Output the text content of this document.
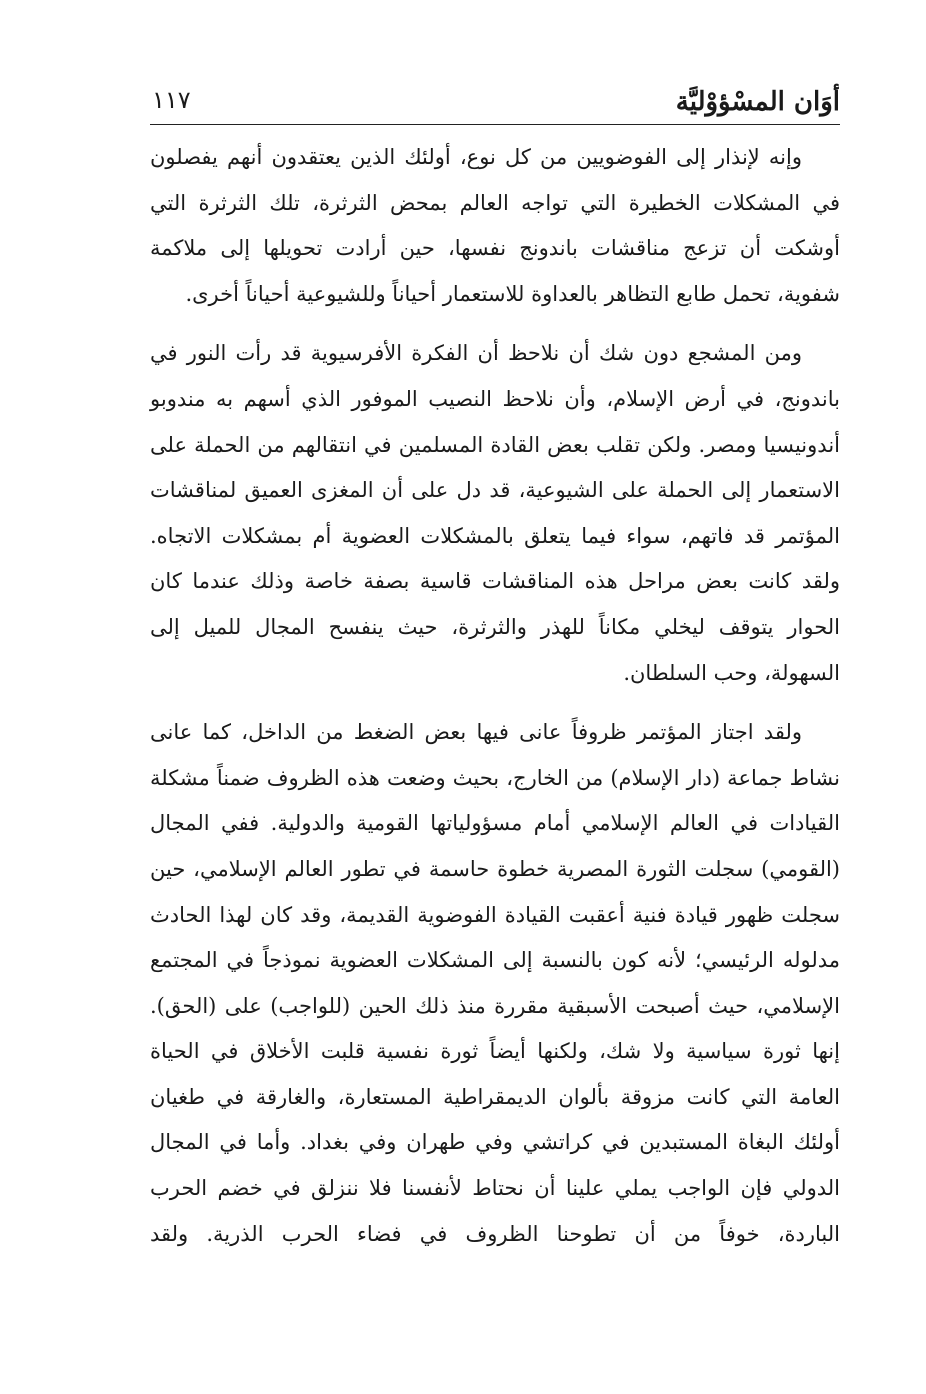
أوَان المسْؤوْليَّة
١١٧

وإنه لإنذار إلى الفوضويين من كل نوع، أولئك الذين يعتقدون أنهم يفصلون في المشكلات الخطيرة التي تواجه العالم بمحض الثرثرة، تلك الثرثرة التي أوشكت أن تزعج مناقشات باندونج نفسها، حين أرادت تحويلها إلى ملاكمة شفوية، تحمل طابع التظاهر بالعداوة للاستعمار أحياناً وللشيوعية أحياناً أخرى.

ومن المشجع دون شك أن نلاحظ أن الفكرة الأفرسيوية قد رأت النور في باندونج، في أرض الإسلام، وأن نلاحظ النصيب الموفور الذي أسهم به مندوبو أندونيسيا ومصر. ولكن تقلب بعض القادة المسلمين في انتقالهم من الحملة على الاستعمار إلى الحملة على الشيوعية، قد دل على أن المغزى العميق لمناقشات المؤتمر قد فاتهم، سواء فيما يتعلق بالمشكلات العضوية أم بمشكلات الاتجاه. ولقد كانت بعض مراحل هذه المناقشات قاسية بصفة خاصة وذلك عندما كان الحوار يتوقف ليخلي مكاناً للهذر والثرثرة، حيث ينفسح المجال للميل إلى السهولة، وحب السلطان.

ولقد اجتاز المؤتمر ظروفاً عانى فيها بعض الضغط من الداخل، كما عانى نشاط جماعة (دار الإسلام) من الخارج، بحيث وضعت هذه الظروف ضمناً مشكلة القيادات في العالم الإسلامي أمام مسؤولياتها القومية والدولية. ففي المجال (القومي) سجلت الثورة المصرية خطوة حاسمة في تطور العالم الإسلامي، حين سجلت ظهور قيادة فنية أعقبت القيادة الفوضوية القديمة، وقد كان لهذا الحادث مدلوله الرئيسي؛ لأنه كون بالنسبة إلى المشكلات العضوية نموذجاً في المجتمع الإسلامي، حيث أصبحت الأسبقية مقررة منذ ذلك الحين (للواجب) على (الحق). إنها ثورة سياسية ولا شك، ولكنها أيضاً ثورة نفسية قلبت الأخلاق في الحياة العامة التي كانت مزوقة بألوان الديمقراطية المستعارة، والغارقة في طغيان أولئك البغاة المستبدين في كراتشي وفي طهران وفي بغداد. وأما في المجال الدولي فإن الواجب يملي علينا أن نحتاط لأنفسنا فلا ننزلق في خضم الحرب الباردة، خوفاً من أن تطوحنا الظروف في فضاء الحرب الذرية. ولقد
